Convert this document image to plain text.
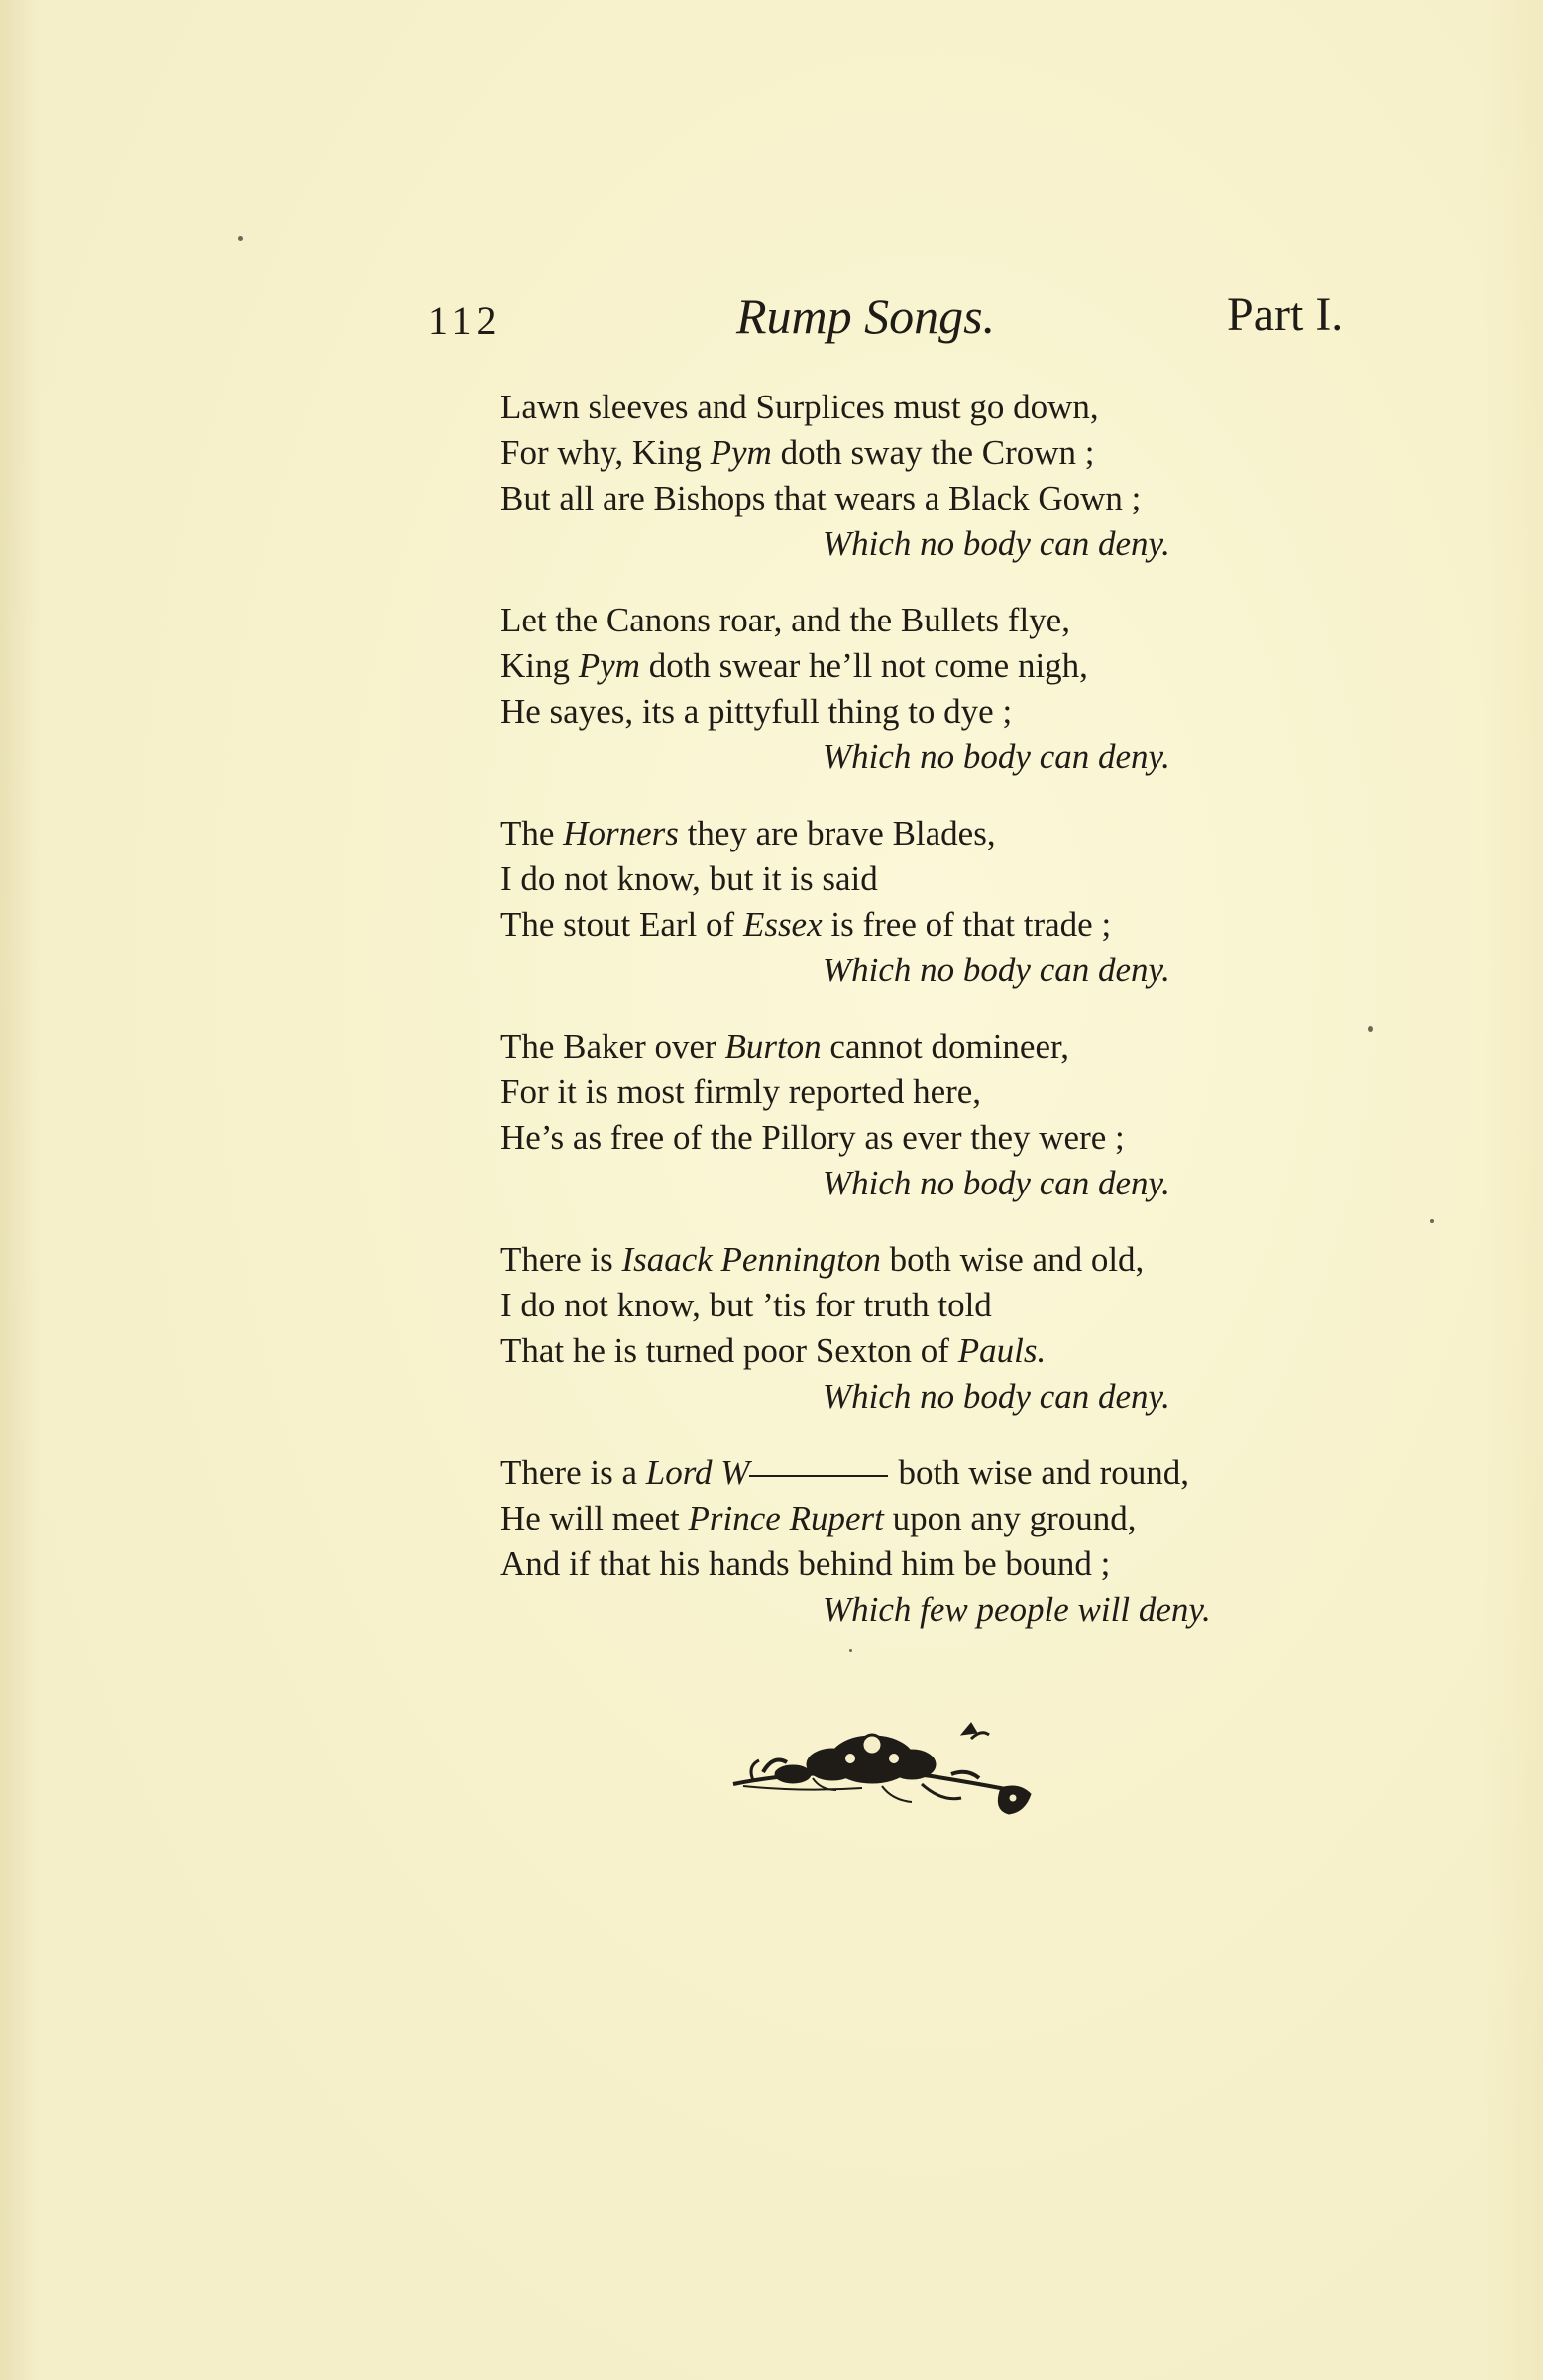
112	Rump Songs.	Part I.
Lawn sleeves and Surplices must go down,
For why, King Pym doth sway the Crown ;
But all are Bishops that wears a Black Gown ;
Which no body can deny.
Let the Canons roar, and the Bullets flye,
King Pym doth swear he’ll not come nigh,
He sayes, its a pittyfull thing to dye ;
Which no body can deny.
The Horners they are brave Blades,
I do not know, but it is said
The stout Earl of Essex is free of that trade ;
Which no body can deny.
The Baker over Burton cannot domineer,
For it is most firmly reported here,
He’s as free of the Pillory as ever they were ;
Which no body can deny.
There is Isaack Pennington both wise and old,
I do not know, but ’tis for truth told
That he is turned poor Sexton of Pauls.
Which no body can deny.
There is a Lord W	both wise and round,
He will meet Prince Rupert upon any ground,
And if that his hands behind him be bound ;
Which few people will deny.
